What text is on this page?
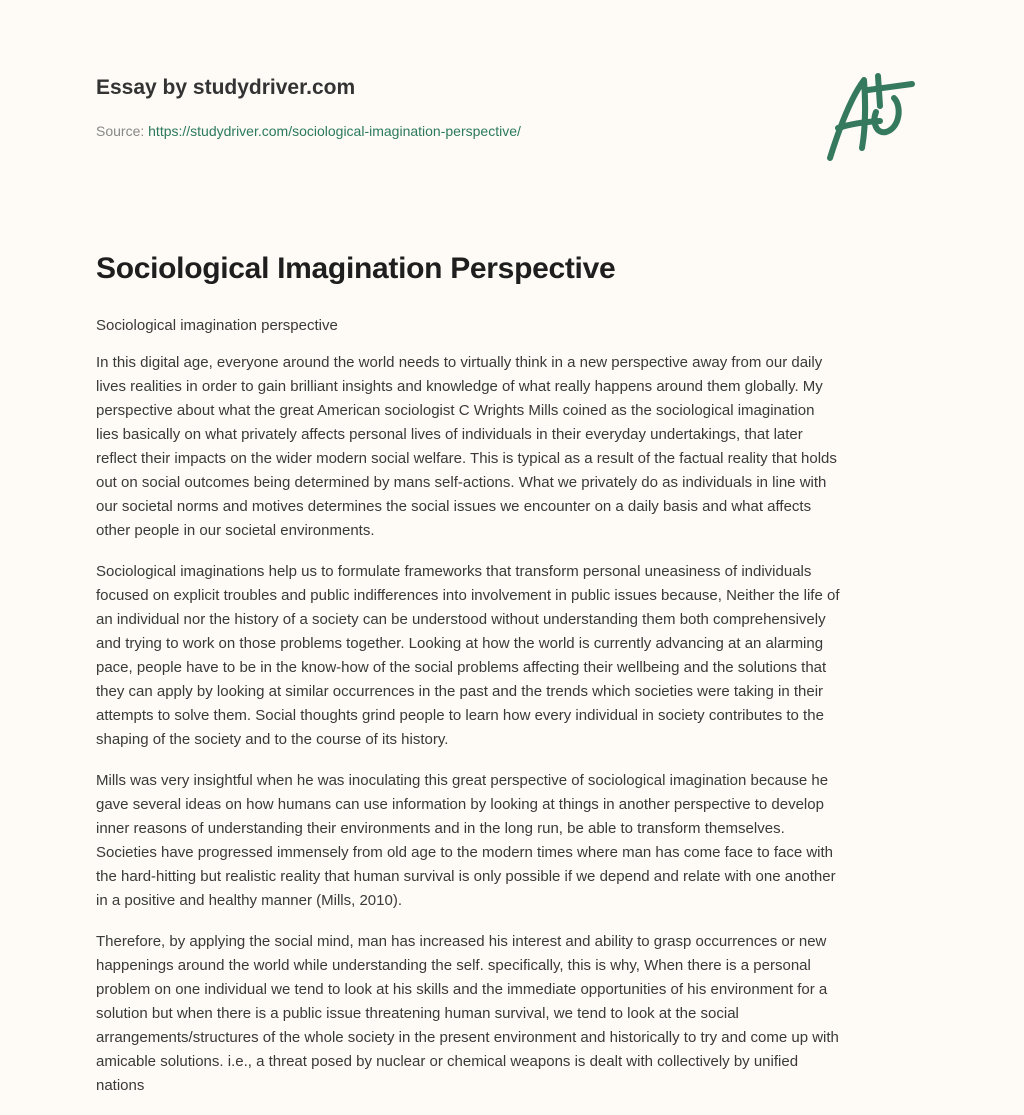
Essay by studydriver.com
Source: https://studydriver.com/sociological-imagination-perspective/
Sociological Imagination Perspective

Sociological imagination perspective

In this digital age, everyone around the world needs to virtually think in a new perspective away from our daily
lives realities in order to gain brilliant insights and knowledge of what really happens around them globally. My
perspective about what the great American sociologist C Wrights Mills coined as the sociological imagination
lies basically on what privately affects personal lives of individuals in their everyday undertakings, that later
reflect their impacts on the wider modern social welfare. This is typical as a result of the factual reality that holds
out on social outcomes being determined by mans self-actions. What we privately do as individuals in line with
our societal norms and motives determines the social issues we encounter on a daily basis and what affects
other people in our societal environments.

Sociological imaginations help us to formulate frameworks that transform personal uneasiness of individuals
focused on explicit troubles and public indifferences into involvement in public issues because, Neither the life of
an individual nor the history of a society can be understood without understanding them both comprehensively
and trying to work on those problems together. Looking at how the world is currently advancing at an alarming
pace, people have to be in the know-how of the social problems affecting their wellbeing and the solutions that
they can apply by looking at similar occurrences in the past and the trends which societies were taking in their
attempts to solve them. Social thoughts grind people to learn how every individual in society contributes to the
shaping of the society and to the course of its history.

Mills was very insightful when he was inoculating this great perspective of sociological imagination because he
gave several ideas on how humans can use information by looking at things in another perspective to develop
inner reasons of understanding their environments and in the long run, be able to transform themselves.
Societies have progressed immensely from old age to the modern times where man has come face to face with
the hard-hitting but realistic reality that human survival is only possible if we depend and relate with one another
in a positive and healthy manner (Mills, 2010).

Therefore, by applying the social mind, man has increased his interest and ability to grasp occurrences or new
happenings around the world while understanding the self. specifically, this is why, When there is a personal
problem on one individual we tend to look at his skills and the immediate opportunities of his environment for a
solution but when there is a public issue threatening human survival, we tend to look at the social
arrangements/structures of the whole society in the present environment and historically to try and come up with
amicable solutions. i.e., a threat posed by nuclear or chemical weapons is dealt with collectively by unified
nations
